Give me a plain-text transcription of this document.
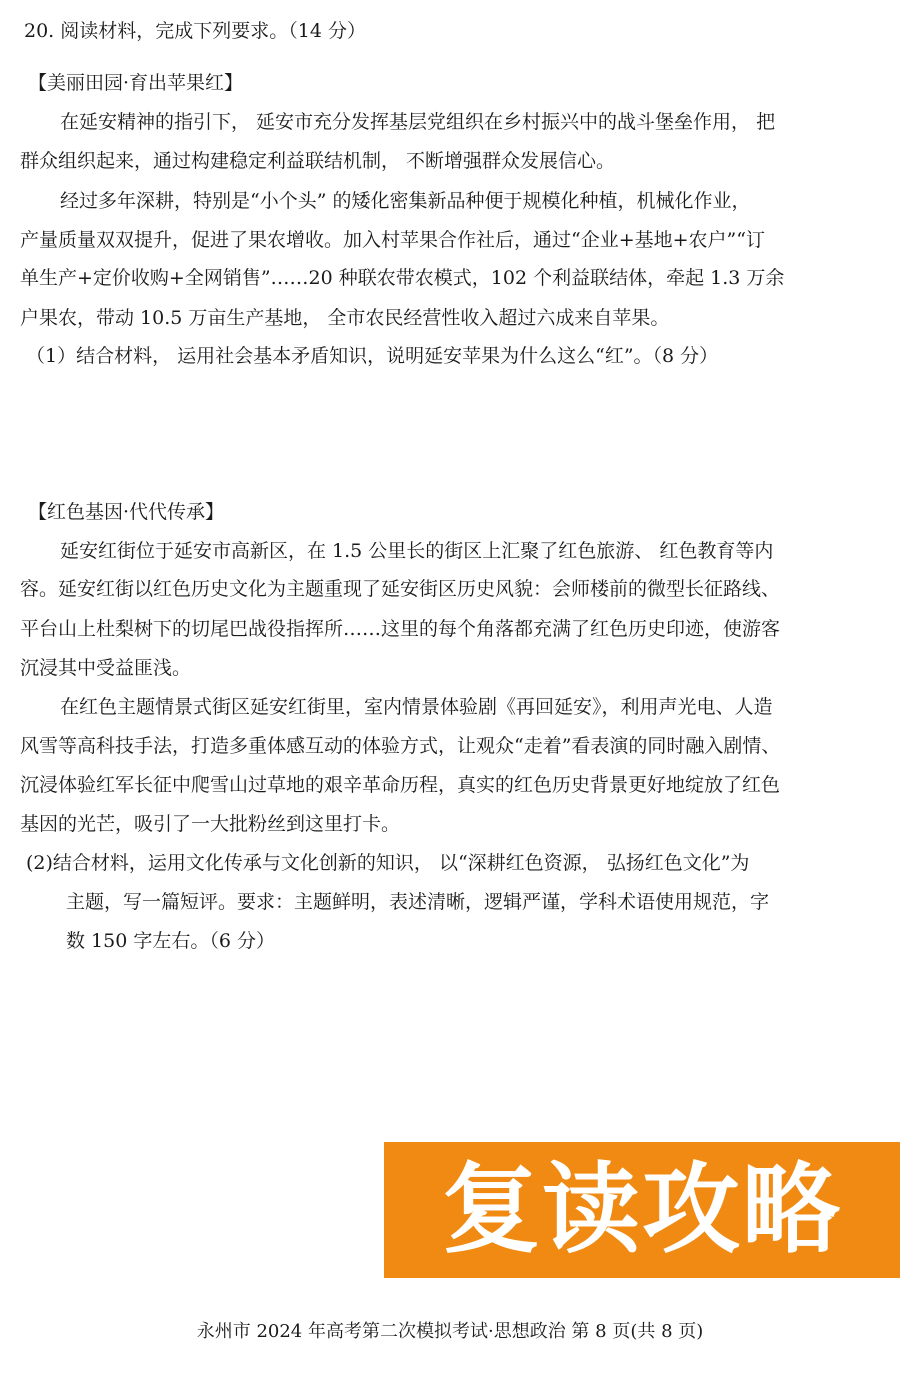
20. 阅读材料，完成下列要求。（14 分）
【美丽田园·育出苹果红】
在延安精神的指引下， 延安市充分发挥基层党组织在乡村振兴中的战斗堡垒作用， 把
群众组织起来，通过构建稳定利益联结机制， 不断增强群众发展信心。
经过多年深耕，特别是“小个头” 的矮化密集新品种便于规模化种植，机械化作业，
产量质量双双提升，促进了果农增收。加入村苹果合作社后，通过“企业+基地+农户”“订
单生产+定价收购+全网销售”……20 种联农带农模式，102 个利益联结体，牵起 1.3 万余
户果农，带动 10.5 万亩生产基地， 全市农民经营性收入超过六成来自苹果。
（1）结合材料， 运用社会基本矛盾知识，说明延安苹果为什么这么“红”。（8 分）
【红色基因·代代传承】
延安红街位于延安市高新区，在 1.5 公里长的街区上汇聚了红色旅游、 红色教育等内
容。延安红街以红色历史文化为主题重现了延安街区历史风貌：会师楼前的微型长征路线、
平台山上杜梨树下的切尾巴战役指挥所……这里的每个角落都充满了红色历史印迹，使游客
沉浸其中受益匪浅。
在红色主题情景式街区延安红街里，室内情景体验剧《再回延安》，利用声光电、人造
风雪等高科技手法，打造多重体感互动的体验方式，让观众“走着”看表演的同时融入剧情、
沉浸体验红军长征中爬雪山过草地的艰辛革命历程，真实的红色历史背景更好地绽放了红色
基因的光芒，吸引了一大批粉丝到这里打卡。
(2)结合材料，运用文化传承与文化创新的知识， 以“深耕红色资源， 弘扬红色文化”为
主题，写一篇短评。要求：主题鲜明，表述清晰，逻辑严谨，学科术语使用规范，字
数 150 字左右。（6 分）
复读攻略
永州市 2024 年高考第二次模拟考试·思想政治 第 8 页(共 8 页)
